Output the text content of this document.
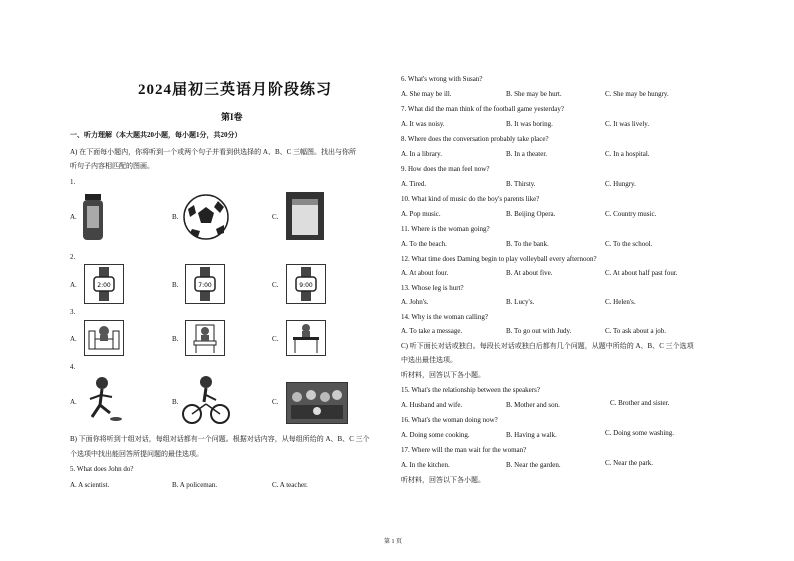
2024届初三英语月阶段练习
第I卷
一、听力理解（本大题共20小题，每小题1分，共20分）
A) 在下面每小题内，你将听到一个或两个句子并看到供选择的 A、B、C 三幅图。找出与你所
听句子内容相匹配的图画。
1.
A.	B.	C.
2.
A.	2:00	B.	7:00	C.	9:00
3.
A.	B.	C.
4.
A.	B.	C.
B) 下面你将听到十组对话，每组对话都有一个问题。根据对话内容，从每组所给的 A、B、C 三个
个选项中找出能回答所提问题的最佳选项。
5. What does John do?
A. A scientist.	B. A policeman.	C. A teacher.
6. What's wrong with Susan?
A. She may be ill.	B. She may be hurt.	C. She may be hungry.
7. What did the man think of the football game yesterday?
A. It was noisy.	B. It was boring.	C. It was lively.
8. Where does the conversation probably take place?
A. In a library.	B. In a theater.	C. In a hospital.
9. How does the man feel now?
A. Tired.	B. Thirsty.	C. Hungry.
10. What kind of music do the boy's parents like?
A. Pop music.	B. Beijing Opera.	C. Country music.
11. Where is the woman going?
A. To the beach.	B. To the bank.	C. To the school.
12. What time does Daming begin to play volleyball every afternoon?
A. At about four.	B. At about five.	C. At about half past four.
13. Whose leg is hurt?
A. John's.	B. Lucy's.	C. Helen's.
14. Why is the woman calling?
A. To take a message.	B. To go out with Judy.	C. To ask about a job.
C) 听下面长对话或独白。每段长对话或独白后都有几个问题，从题中所给的 A、B、C 三个选项
中选出最佳选项。
听材料，回答以下各小题。
15. What's the relationship between the speakers?
A. Husband and wife.	B. Mother and son.	C. Brother and sister.
16. What's the woman doing now?
A. Doing some cooking.	B. Having a walk.	C. Doing some washing.
17. Where will the man wait for the woman?
A. In the kitchen.	B. Near the garden.	C. Near the park.
听材料，回答以下各小题。
第 1 页
